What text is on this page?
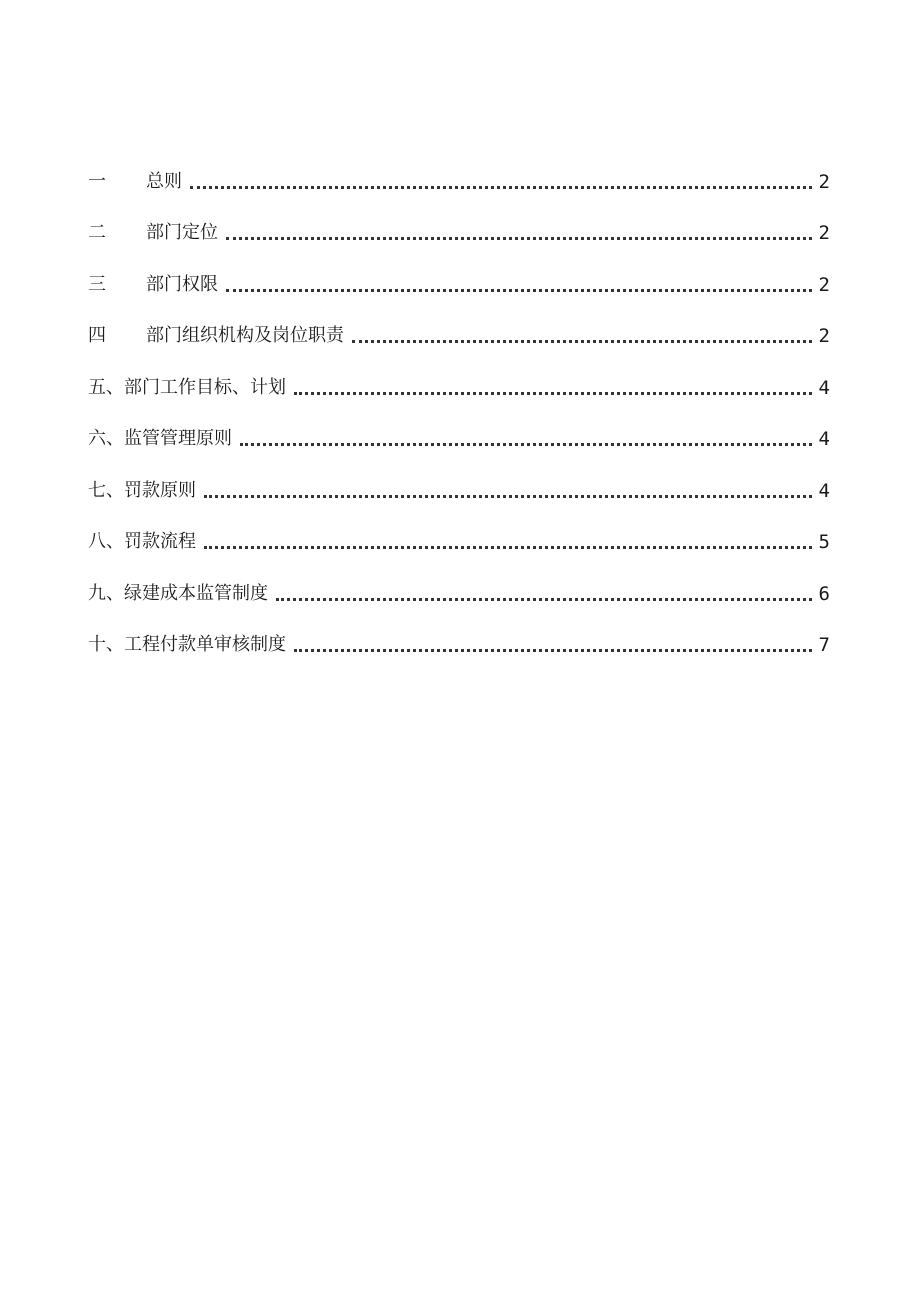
一	总则	2
二	部门定位	2
三	部门权限	2
四	部门组织机构及岗位职责	2
五 、 部门工作目标、计划	4
六 、 监管管理原则	4
七 、 罚款原则	4
八 、 罚款流程	5
九 、 绿建成本监管制度	6
十 、 工程付款单审核制度	7
